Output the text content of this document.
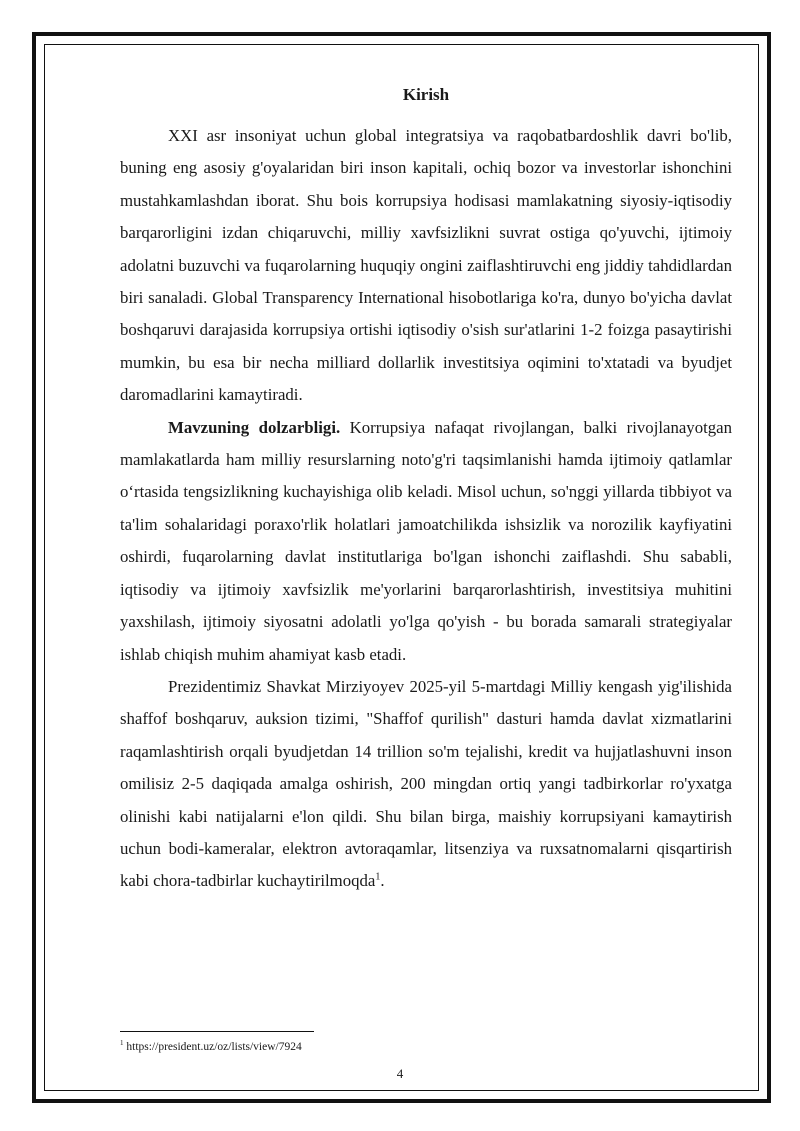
Kirish

XXI asr insoniyat uchun global integratsiya va raqobatbardoshlik davri bo'lib, buning eng asosiy g'oyalaridan biri inson kapitali, ochiq bozor va investorlar ishonchini mustahkamlashdan iborat. Shu bois korrupsiya hodisasi mamlakatning siyosiy-iqtisodiy barqarorligini izdan chiqaruvchi, milliy xavfsizlikni suvrat ostiga qo'yuvchi, ijtimoiy adolatni buzuvchi va fuqarolarning huquqiy ongini zaiflashtiruvchi eng jiddiy tahdidlardan biri sanaladi. Global Transparency International hisobotlariga ko'ra, dunyo bo'yicha davlat boshqaruvi darajasida korrupsiya ortishi iqtisodiy o'sish sur'atlarini 1-2 foizga pasaytirishi mumkin, bu esa bir necha milliard dollarlik investitsiya oqimini to'xtatadi va byudjet daromadlarini kamaytiradi.

Mavzuning dolzarbligi. Korrupsiya nafaqat rivojlangan, balki rivojlanayotgan mamlakatlarda ham milliy resurslarning noto'g'ri taqsimlanishi hamda ijtimoiy qatlamlar o‘rtasida tengsizlikning kuchayishiga olib keladi. Misol uchun, so'nggi yillarda tibbiyot va ta'lim sohalaridagi poraxo'rlik holatlari jamoatchilikda ishsizlik va norozilik kayfiyatini oshirdi, fuqarolarning davlat institutlariga bo'lgan ishonchi zaiflashdi. Shu sababli, iqtisodiy va ijtimoiy xavfsizlik me'yorlarini barqarorlashtirish, investitsiya muhitini yaxshilash, ijtimoiy siyosatni adolatli yo'lga qo'yish - bu borada samarali strategiyalar ishlab chiqish muhim ahamiyat kasb etadi.

Prezidentimiz Shavkat Mirziyoyev 2025-yil 5-martdagi Milliy kengash yig'ilishida shaffof boshqaruv, auksion tizimi, "Shaffof qurilish" dasturi hamda davlat xizmatlarini raqamlashtirish orqali byudjetdan 14 trillion so'm tejalishi, kredit va hujjatlashuvni inson omilisiz 2-5 daqiqada amalga oshirish, 200 mingdan ortiq yangi tadbirkorlar ro'yxatga olinishi kabi natijalarni e'lon qildi. Shu bilan birga, maishiy korrupsiyani kamaytirish uchun bodi-kameralar, elektron avtoraqamlar, litsenziya va ruxsatnomalarni qisqartirish kabi chora-tadbirlar kuchaytirilmoqda$^1$.

$^1$ https://president.uz/oz/lists/view/7924
4
